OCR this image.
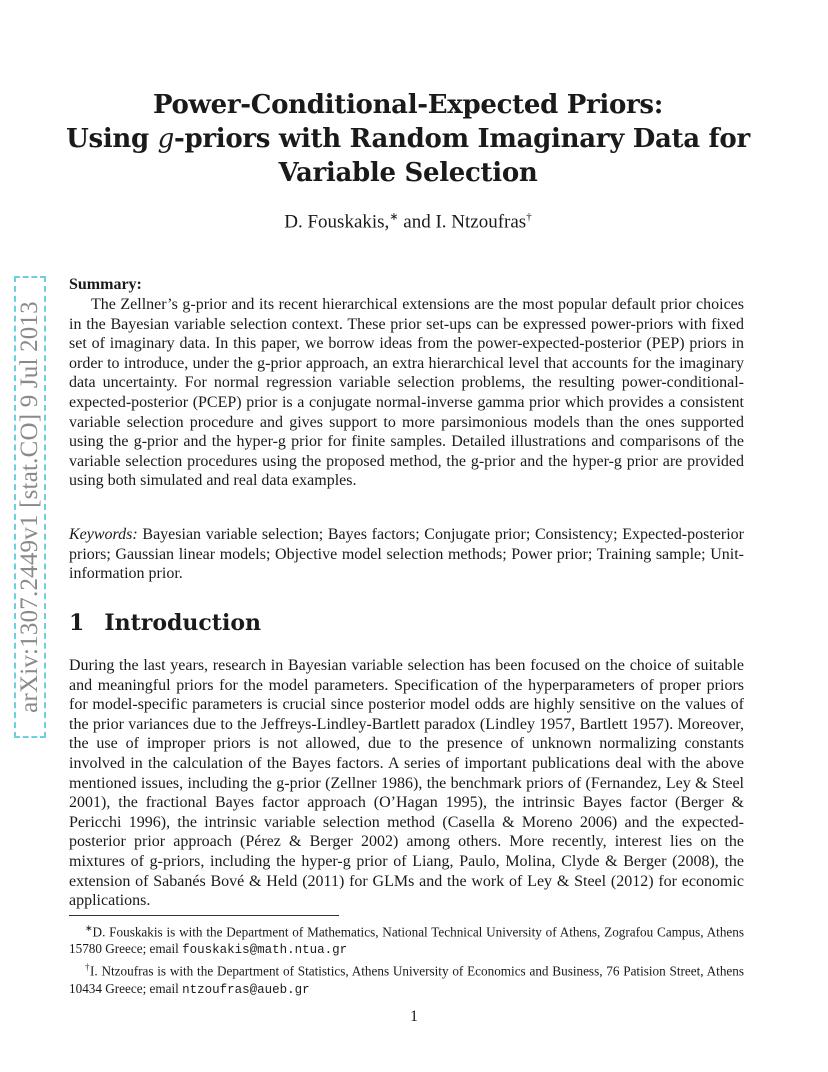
arXiv:1307.2449v1 [stat.CO] 9 Jul 2013
Power-Conditional-Expected Priors:
Using g-priors with Random Imaginary Data for
Variable Selection
D. Fouskakis,∗ and I. Ntzoufras†
Summary:

The Zellner’s g-prior and its recent hierarchical extensions are the most popular default prior choices in the Bayesian variable selection context. These prior set-ups can be expressed power-priors with fixed set of imaginary data. In this paper, we borrow ideas from the power-expected-posterior (PEP) priors in order to introduce, under the g-prior approach, an extra hierarchical level that accounts for the imaginary data uncertainty. For normal regression variable selection problems, the resulting power-conditional-expected-posterior (PCEP) prior is a conjugate normal-inverse gamma prior which provides a consistent variable selection procedure and gives support to more parsimonious models than the ones supported using the g-prior and the hyper-g prior for finite samples. Detailed illustrations and comparisons of the variable selection procedures using the proposed method, the g-prior and the hyper-g prior are provided using both simulated and real data examples.

Keywords: Bayesian variable selection; Bayes factors; Conjugate prior; Consistency; Expected-posterior priors; Gaussian linear models; Objective model selection methods; Power prior; Training sample; Unit-information prior.

1 Introduction

During the last years, research in Bayesian variable selection has been focused on the choice of suitable and meaningful priors for the model parameters. Specification of the hyperparameters of proper priors for model-specific parameters is crucial since posterior model odds are highly sensitive on the values of the prior variances due to the Jeffreys-Lindley-Bartlett paradox (Lindley 1957, Bartlett 1957). Moreover, the use of improper priors is not allowed, due to the presence of unknown normalizing constants involved in the calculation of the Bayes factors. A series of important publications deal with the above mentioned issues, including the g-prior (Zellner 1986), the benchmark priors of (Fernandez, Ley & Steel 2001), the fractional Bayes factor approach (O’Hagan 1995), the intrinsic Bayes factor (Berger & Pericchi 1996), the intrinsic variable selection method (Casella & Moreno 2006) and the expected-posterior prior approach (Pérez & Berger 2002) among others. More recently, interest lies on the mixtures of g-priors, including the hyper-g prior of Liang, Paulo, Molina, Clyde & Berger (2008), the extension of Sabanés Bové & Held (2011) for GLMs and the work of Ley & Steel (2012) for economic applications.

∗D. Fouskakis is with the Department of Mathematics, National Technical University of Athens, Zografou Campus, Athens 15780 Greece; email fouskakis@math.ntua.gr

†I. Ntzoufras is with the Department of Statistics, Athens University of Economics and Business, 76 Patision Street, Athens 10434 Greece; email ntzoufras@aueb.gr

1
